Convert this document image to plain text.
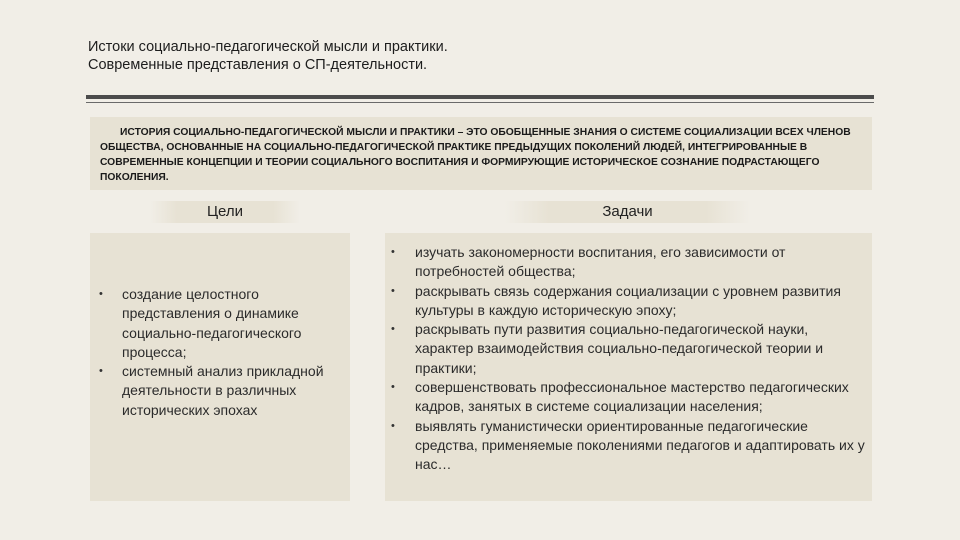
Истоки социально-педагогической мысли и практики.
Современные представления о СП-деятельности.
ИСТОРИЯ СОЦИАЛЬНО-ПЕДАГОГИЧЕСКОЙ МЫСЛИ И ПРАКТИКИ – ЭТО ОБОБЩЕННЫЕ ЗНАНИЯ О СИСТЕМЕ СОЦИАЛИЗАЦИИ ВСЕХ ЧЛЕНОВ ОБЩЕСТВА, ОСНОВАННЫЕ НА СОЦИАЛЬНО-ПЕДАГОГИЧЕСКОЙ ПРАКТИКЕ ПРЕДЫДУЩИХ ПОКОЛЕНИЙ ЛЮДЕЙ, ИНТЕГРИРОВАННЫЕ В СОВРЕМЕННЫЕ КОНЦЕПЦИИ И ТЕОРИИ СОЦИАЛЬНОГО ВОСПИТАНИЯ И ФОРМИРУЮЩИЕ ИСТОРИЧЕСКОЕ СОЗНАНИЕ ПОДРАСТАЮЩЕГО ПОКОЛЕНИЯ.
Цели	Задачи
• создание целостного представления о динамике социально-педагогического процесса;
• системный анализ прикладной деятельности в различных исторических эпохах
• изучать закономерности воспитания, его зависимости от потребностей общества;
• раскрывать связь содержания социализации с уровнем развития культуры в каждую историческую эпоху;
• раскрывать пути развития социально-педагогической науки, характер взаимодействия социально-педагогической теории и практики;
• совершенствовать профессиональное мастерство педагогических кадров, занятых в системе социализации населения;
• выявлять гуманистически ориентированные педагогические средства, применяемые поколениями педагогов и адаптировать их у нас…
